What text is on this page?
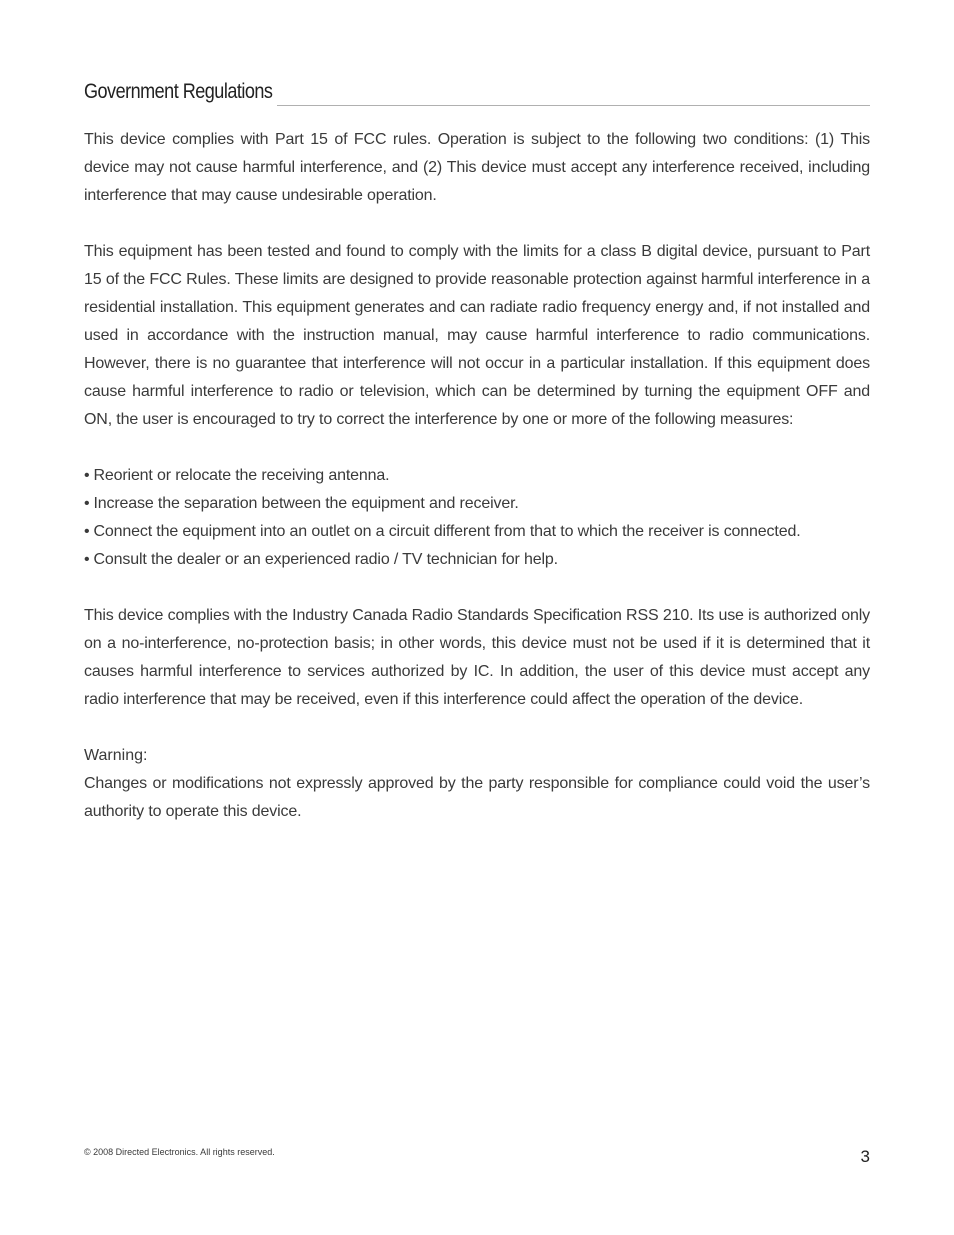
Government Regulations

This device complies with Part 15 of FCC rules. Operation is subject to the following two conditions: (1) This device may not cause harmful interference, and (2) This device must accept any interference received, including interference that may cause undesirable operation.

This equipment has been tested and found to comply with the limits for a class B digital device, pursuant to Part 15 of the FCC Rules. These limits are designed to provide reasonable protection against harmful interference in a residential installation. This equipment generates and can radiate radio frequency energy and, if not installed and used in accordance with the instruction manual, may cause harmful interference to radio communications. However, there is no guarantee that interference will not occur in a particular installation. If this equipment does cause harmful interference to radio or television, which can be determined by turning the equipment OFF and ON, the user is encouraged to try to correct the interference by one or more of the following measures:

• Reorient or relocate the receiving antenna.
• Increase the separation between the equipment and receiver.
• Connect the equipment into an outlet on a circuit different from that to which the receiver is connected.
• Consult the dealer or an experienced radio / TV technician for help.

This device complies with the Industry Canada Radio Standards Specification RSS 210. Its use is authorized only on a no-interference, no-protection basis; in other words, this device must not be used if it is determined that it causes harmful interference to services authorized by IC. In addition, the user of this device must accept any radio interference that may be received, even if this interference could affect the operation of the device.

Warning:

Changes or modifications not expressly approved by the party responsible for compliance could void the user’s authority to operate this device.

© 2008 Directed Electronics. All rights reserved.	3
